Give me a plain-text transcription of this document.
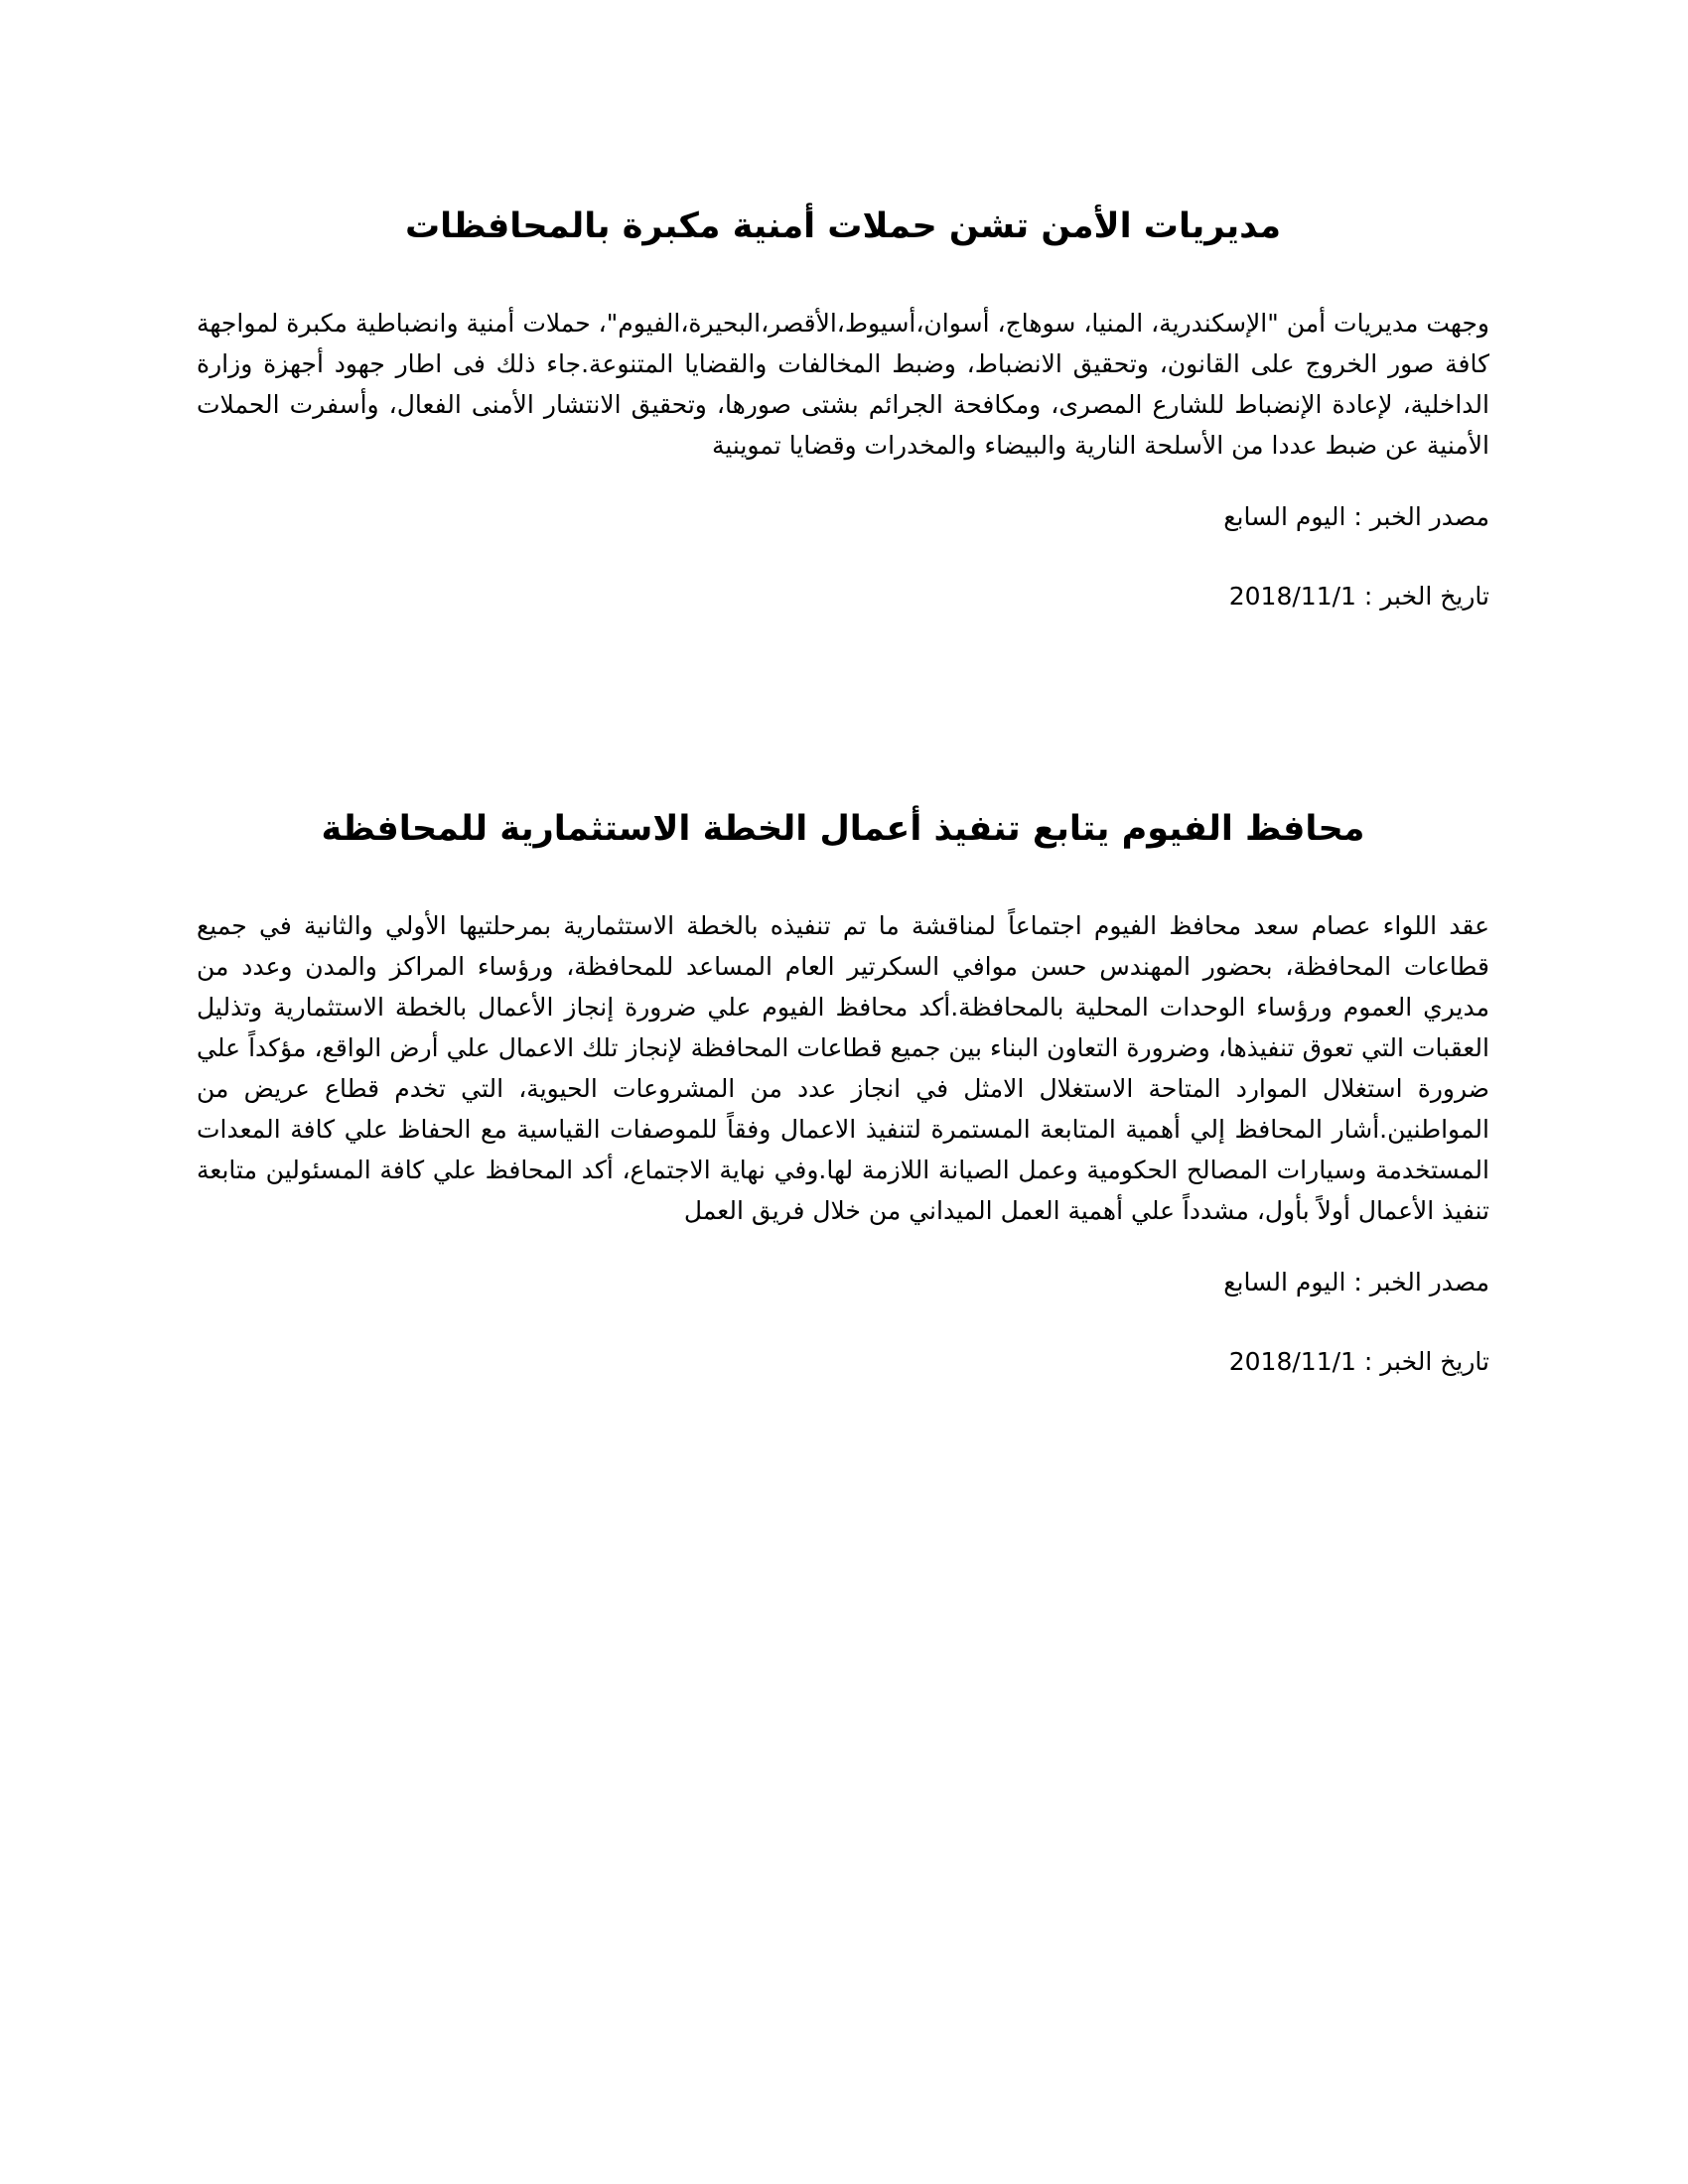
مديريات الأمن تشن حملات أمنية مكبرة بالمحافظات

وجهت مديريات أمن "الإسكندرية، المنيا، سوهاج، أسوان،أسيوط،الأقصر،البحيرة،الفيوم"، حملات أمنية وانضباطية مكبرة لمواجهة كافة صور الخروج على القانون، وتحقيق الانضباط، وضبط المخالفات والقضايا المتنوعة.جاء ذلك فى اطار جهود أجهزة وزارة الداخلية، لإعادة الإنضباط للشارع المصرى، ومكافحة الجرائم بشتى صورها، وتحقيق الانتشار الأمنى الفعال، وأسفرت الحملات الأمنية عن ضبط عددا من الأسلحة النارية والبيضاء والمخدرات وقضايا تموينية

مصدر الخبر : اليوم السابع

تاريخ الخبر : 2018/11/1

محافظ الفيوم يتابع تنفيذ أعمال الخطة الاستثمارية للمحافظة

عقد اللواء عصام سعد محافظ الفيوم اجتماعاً لمناقشة ما تم تنفيذه بالخطة الاستثمارية بمرحلتيها الأولي والثانية في جميع قطاعات المحافظة، بحضور المهندس حسن موافي السكرتير العام المساعد للمحافظة، ورؤساء المراكز والمدن وعدد من مديري العموم ورؤساء الوحدات المحلية بالمحافظة.أكد محافظ الفيوم علي ضرورة إنجاز الأعمال بالخطة الاستثمارية وتذليل العقبات التي تعوق تنفيذها، وضرورة التعاون البناء بين جميع قطاعات المحافظة لإنجاز تلك الاعمال علي أرض الواقع، مؤكداً علي ضرورة استغلال الموارد المتاحة الاستغلال الامثل في انجاز عدد من المشروعات الحيوية، التي تخدم قطاع عريض من المواطنين.أشار المحافظ إلي أهمية المتابعة المستمرة لتنفيذ الاعمال وفقاً للموصفات القياسية مع الحفاظ علي كافة المعدات المستخدمة وسيارات المصالح الحكومية وعمل الصيانة اللازمة لها.وفي نهاية الاجتماع، أكد المحافظ علي كافة المسئولين متابعة تنفيذ الأعمال أولاً بأول، مشدداً علي أهمية العمل الميداني من خلال فريق العمل

مصدر الخبر : اليوم السابع

تاريخ الخبر : 2018/11/1
